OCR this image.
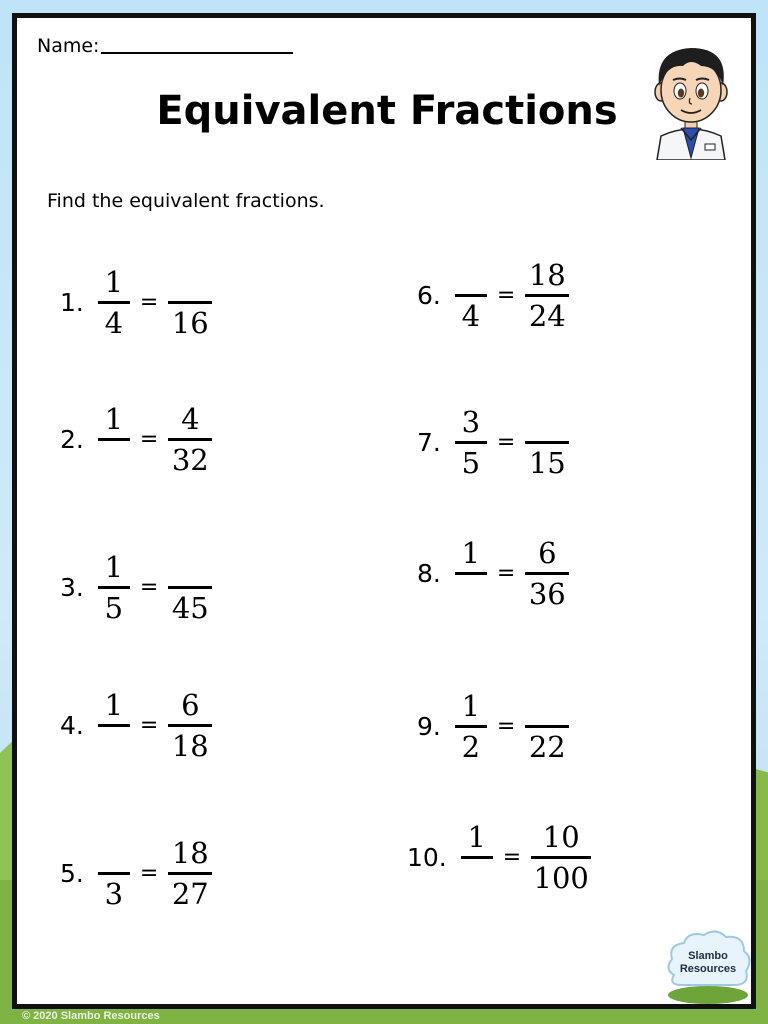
Name:
Equivalent Fractions
Find the equivalent fractions.
1. $\frac{1}{4}$ =
16
2.
1
= $\frac{4}{32}$
3. $\frac{1}{5}$ =
45
4.
1
= $\frac{6}{18}$
5.
3
= $\frac{18}{27}$
6.
4
= $\frac{18}{24}$
7. $\frac{3}{5}$ =
15
8.
1
= $\frac{6}{36}$
9. $\frac{1}{2}$ =
22
10.
1
= $\frac{10}{100}$
Slambo
Resources
© 2020 Slambo Resources
